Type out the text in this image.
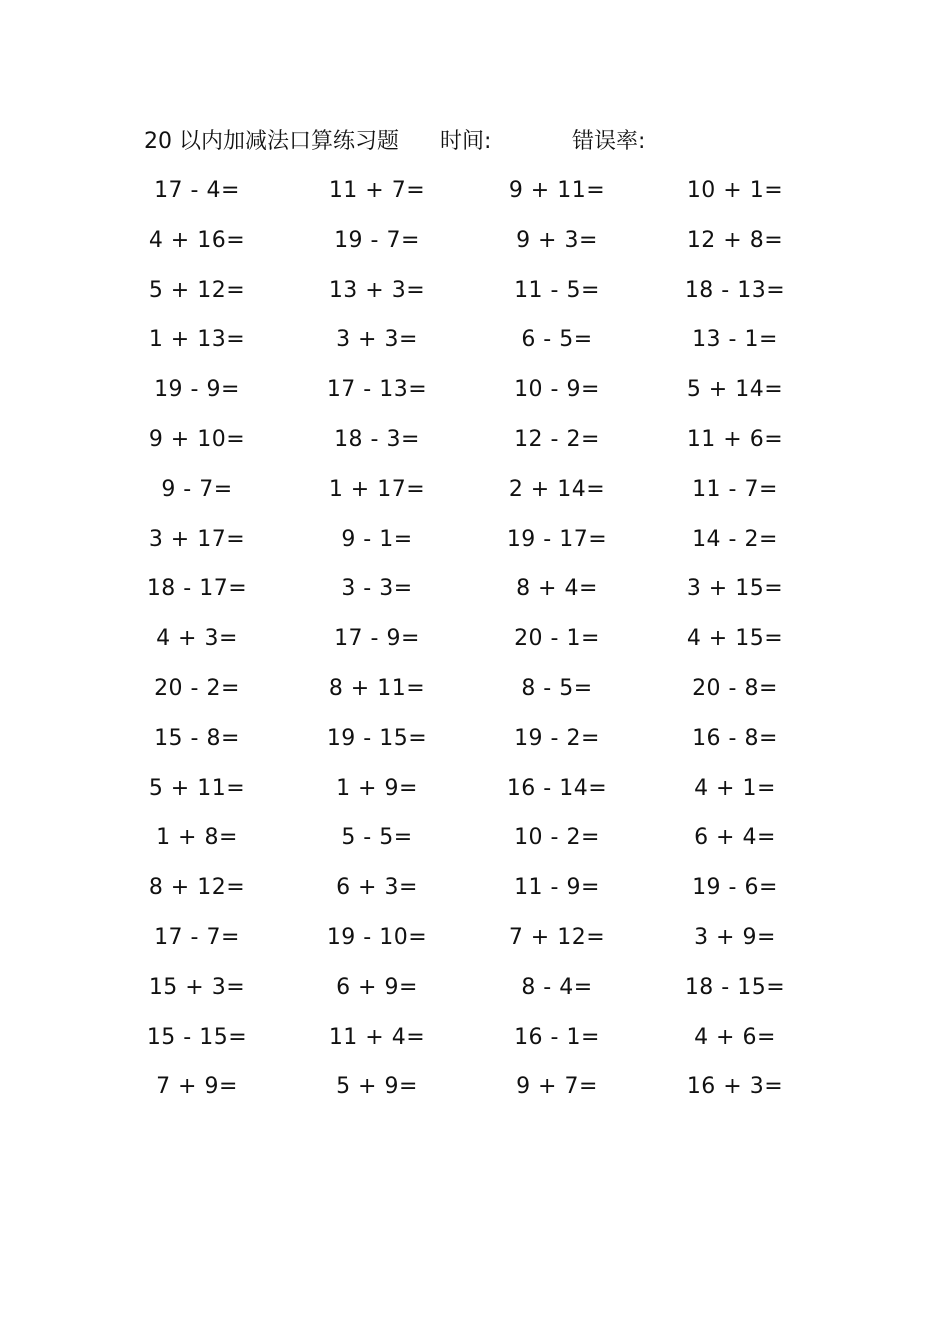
20 以内加减法口算练习题 时间:	错误率:
17 - 4=	11 + 7=	9 + 11=	10 + 1=
4 + 16=	19 - 7=	9 + 3=	12 + 8=
5 + 12=	13 + 3=	11 - 5=	18 - 13=
1 + 13=	3 + 3=	6 - 5=	13 - 1=
19 - 9=	17 - 13=	10 - 9=	5 + 14=
9 + 10=	18 - 3=	12 - 2=	11 + 6=
9 - 7=	1 + 17=	2 + 14=	11 - 7=
3 + 17=	9 - 1=	19 - 17=	14 - 2=
18 - 17=	3 - 3=	8 + 4=	3 + 15=
4 + 3=	17 - 9=	20 - 1=	4 + 15=
20 - 2=	8 + 11=	8 - 5=	20 - 8=
15 - 8=	19 - 15=	19 - 2=	16 - 8=
5 + 11=	1 + 9=	16 - 14=	4 + 1=
1 + 8=	5 - 5=	10 - 2=	6 + 4=
8 + 12=	6 + 3=	11 - 9=	19 - 6=
17 - 7=	19 - 10=	7 + 12=	3 + 9=
15 + 3=	6 + 9=	8 - 4=	18 - 15=
15 - 15=	11 + 4=	16 - 1=	4 + 6=
7 + 9=	5 + 9=	9 + 7=	16 + 3=
